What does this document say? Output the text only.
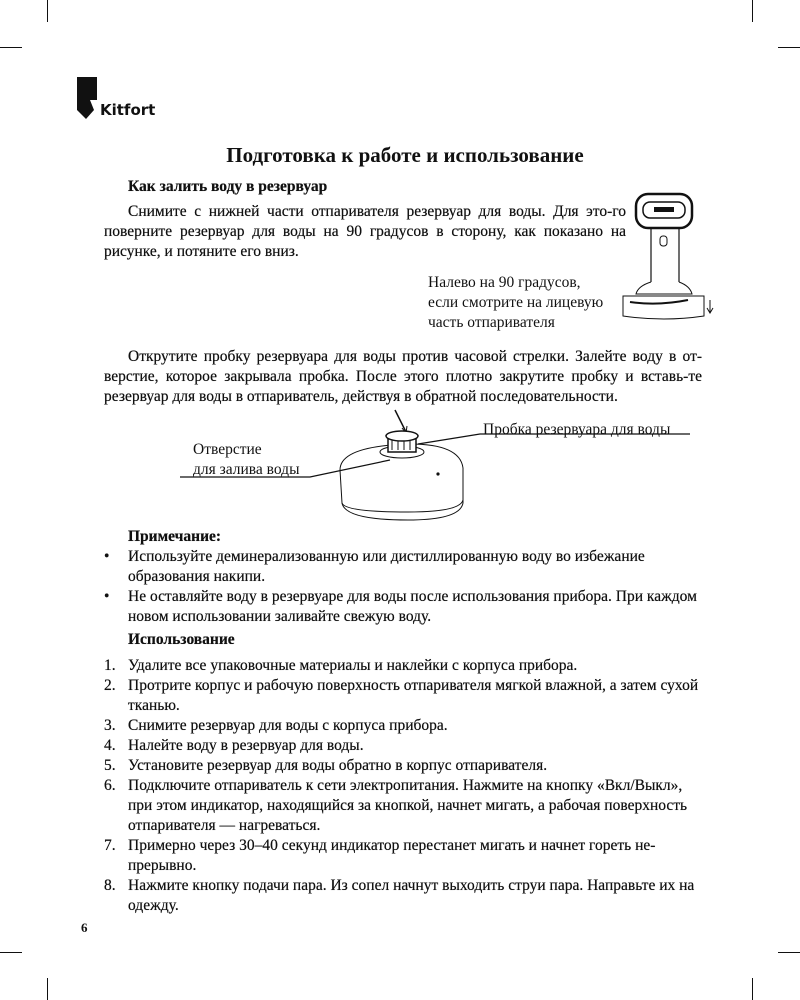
Kitfort
Подготовка к работе и использование
Как залить воду в резервуар
Снимите с нижней части отпаривателя резервуар для воды. Для это-го поверните резервуар для воды на 90 градусов в сторону, как показано на рисунке, и потяните его вниз.
Налево на 90 градусов,
если смотрите на лицевую
часть отпаривателя
Открутите пробку резервуара для воды против часовой стрелки. Залейте воду в от-верстие, которое закрывала пробка. После этого плотно закрутите пробку и вставь-те резервуар для воды в отпариватель, действуя в обратной последовательности.
Пробка резервуара для воды
Отверстие
для залива воды
Примечание:
• Используйте деминерализованную или дистиллированную воду во избежание образования накипи.
• Не оставляйте воду в резервуаре для воды после использования прибора. При каждом новом использовании заливайте свежую воду.
Использование
1. Удалите все упаковочные материалы и наклейки с корпуса прибора.
2. Протрите корпус и рабочую поверхность отпаривателя мягкой влажной, а затем сухой тканью.
3. Снимите резервуар для воды с корпуса прибора.
4. Налейте воду в резервуар для воды.
5. Установите резервуар для воды обратно в корпус отпаривателя.
6. Подключите отпариватель к сети электропитания. Нажмите на кнопку «Вкл/Выкл», при этом индикатор, находящийся за кнопкой, начнет мигать, а рабочая поверхность отпаривателя — нагреваться.
7. Примерно через 30–40 секунд индикатор перестанет мигать и начнет гореть не-прерывно.
8. Нажмите кнопку подачи пара. Из сопел начнут выходить струи пара. Направьте их на одежду.
6
